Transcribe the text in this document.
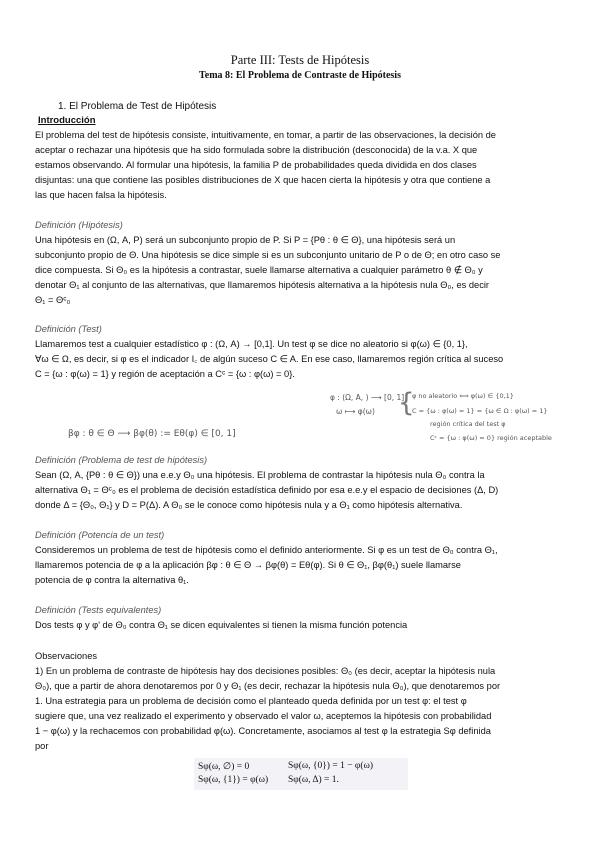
Parte III: Tests de Hipótesis
Tema 8: El Problema de Contraste de Hipótesis
1. El Problema de Test de Hipótesis
Introducción

El problema del test de hipótesis consiste, intuitivamente, en tomar, a partir de las observaciones, la decisión de

aceptar o rechazar una hipótesis que ha sido formulada sobre la distribución (desconocida) de la v.a. X que

estamos observando. Al formular una hipótesis, la familia P de probabilidades queda dividida en dos clases

disjuntas: una que contiene las posibles distribuciones de X que hacen cierta la hipótesis y otra que contiene a

las que hacen falsa la hipótesis.

Definición (Hipótesis)

Una hipótesis en (Ω, A, P) será un subconjunto propio de P. Si P = {Pθ : θ ∈ Θ}, una hipótesis será un

subconjunto propio de Θ. Una hipótesis se dice simple si es un subconjunto unitario de P o de Θ; en otro caso se

dice compuesta. Si Θ₀ es la hipótesis a contrastar, suele llamarse alternativa a cualquier parámetro θ ∉ Θ₀ y

denotar Θ₁ al conjunto de las alternativas, que llamaremos hipótesis alternativa a la hipótesis nula Θ₀, es decir

Θ₁ = Θᶜ₀

Definición (Test)

Llamaremos test a cualquier estadístico φ : (Ω, A) → [0,1]. Un test φ se dice no aleatorio si φ(ω) ∈ {0, 1},

∀ω ∈ Ω, es decir, si φ es el indicador I꜀ de algún suceso C ∈ A. En ese caso, llamaremos región crítica al suceso

C = {ω : φ(ω) = 1} y región de aceptación a Cᶜ = {ω : φ(ω) = 0}.

φ : (Ω, A, ) ⟶ [0, 1]
ω ⟼ φ(ω) {
φ no aleatorio ⟺ φ(ω) ∈ {0,1}
C = {ω : φ(ω) = 1} = {ω ∈ Ω : φ(ω) = 1}
región crítica del test φ
Cᶜ = {ω : φ(ω) = 0} región aceptable
βφ : θ ∈ Θ ⟶ βφ(θ) := Eθ(φ) ∈ [0, 1]
Definición (Problema de test de hipótesis)

Sean (Ω, A, {Pθ : θ ∈ Θ}) una e.e.y Θ₀ una hipótesis. El problema de contrastar la hipótesis nula Θ₀ contra la

alternativa Θ₁ = Θᶜ₀ es el problema de decisión estadística definido por esa e.e.y el espacio de decisiones (Δ, D)

donde Δ = {Θ₀, Θ₁} y D = P(Δ). A Θ₀ se le conoce como hipótesis nula y a Θ₁ como hipótesis alternativa.

Definición (Potencia de un test)

Consideremos un problema de test de hipótesis como el definido anteriormente. Si φ es un test de Θ₀ contra Θ₁,

llamaremos potencia de φ a la aplicación βφ : θ ∈ Θ → βφ(θ) = Eθ(φ). Si θ ∈ Θ₁, βφ(θ₁) suele llamarse

potencia de φ contra la alternativa θ₁.

Definición (Tests equivalentes)

Dos tests φ y φ' de Θ₀ contra Θ₁ se dicen equivalentes si tienen la misma función potencia

Observaciones

1) En un problema de contraste de hipótesis hay dos decisiones posibles: Θ₀ (es decir, aceptar la hipótesis nula

Θ₀), que a partir de ahora denotaremos por 0 y Θ₁ (es decir, rechazar la hipótesis nula Θ₀), que denotaremos por

1. Una estrategia para un problema de decisión como el planteado queda definida por un test φ: el test φ

sugiere que, una vez realizado el experimento y observado el valor ω, aceptemos la hipótesis con probabilidad

1 − φ(ω) y la rechacemos con probabilidad φ(ω). Concretamente, asociamos al test φ la estrategia Sφ definida

por

Sφ(ω, ∅) = 0	Sφ(ω, {0}) = 1 − φ(ω)
Sφ(ω, {1}) = φ(ω) Sφ(ω, Δ) = 1.
